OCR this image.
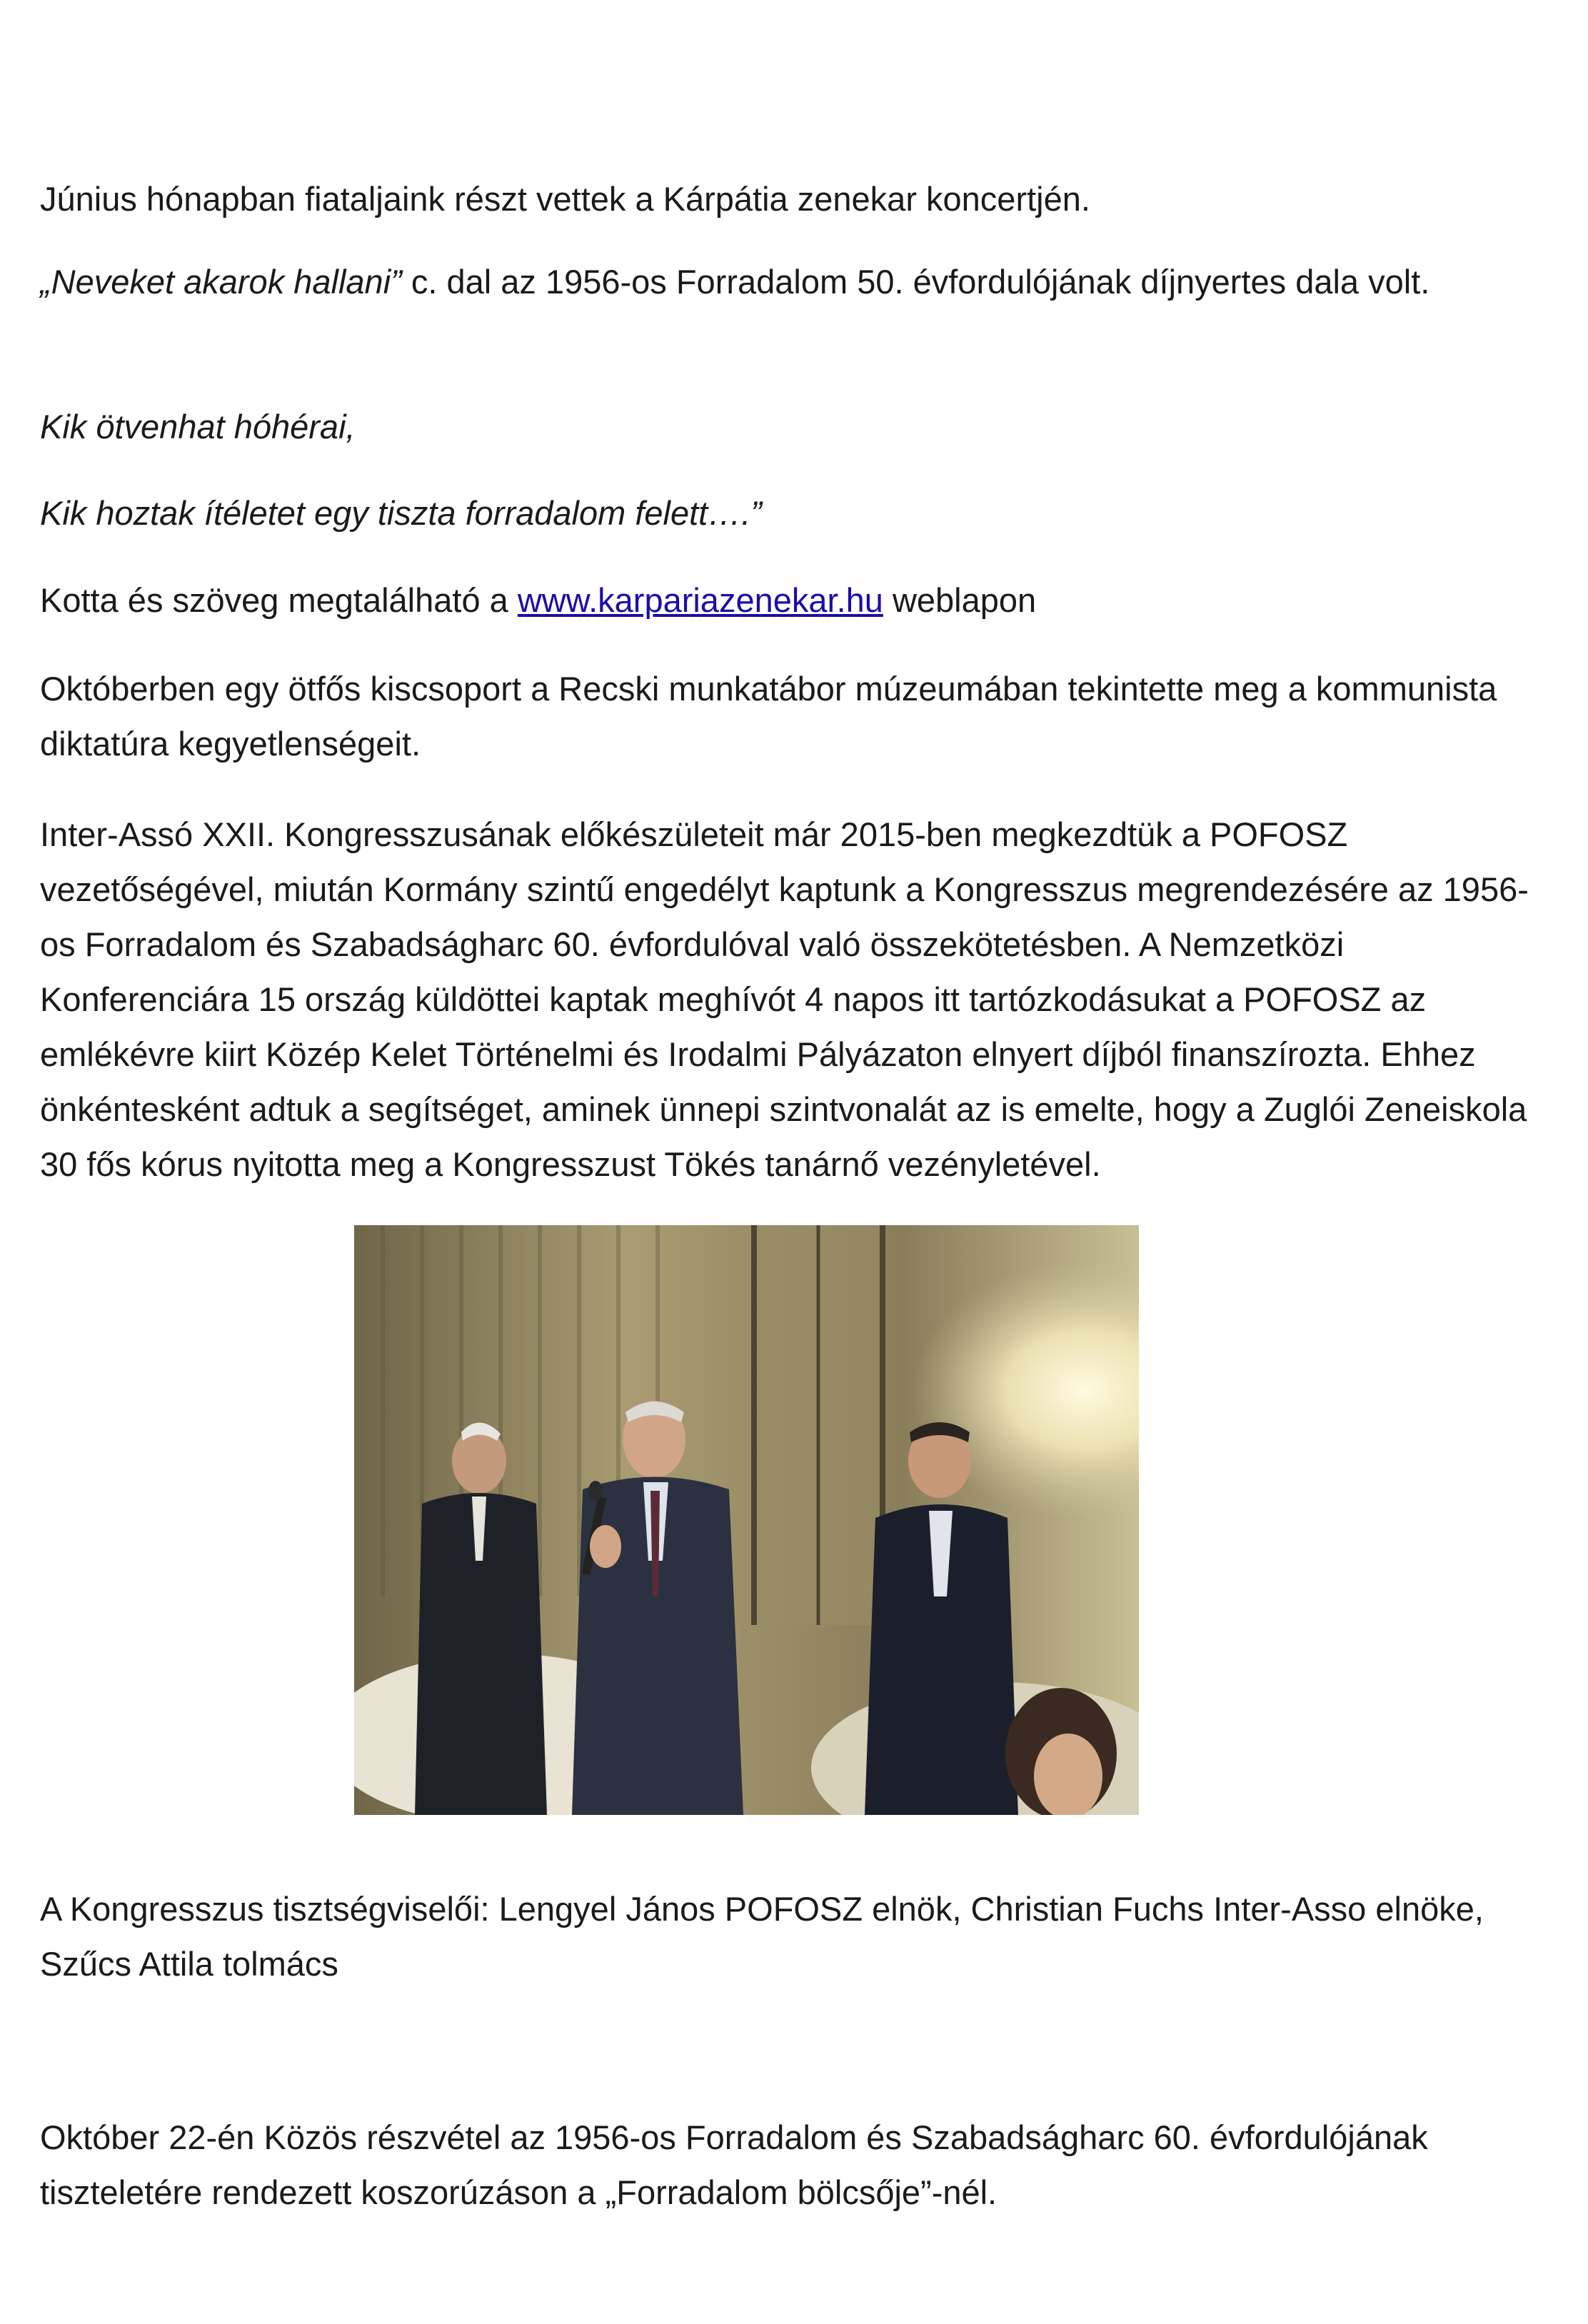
Június hónapban fiataljaink részt vettek a Kárpátia zenekar koncertjén.

„Neveket akarok hallani” c. dal az 1956-os Forradalom 50. évfordulójának díjnyertes dala volt.

Kik ötvenhat hóhérai,

Kik hoztak ítéletet egy tiszta forradalom felett….”

Kotta és szöveg megtalálható a www.karpariazenekar.hu weblapon

Októberben egy ötfős kiscsoport a Recski munkatábor múzeumában tekintette meg a kommunista diktatúra kegyetlenségeit.

Inter-Assó XXII. Kongresszusának előkészületeit már 2015-ben megkezdtük a POFOSZ vezetőségével, miután Kormány szintű engedélyt kaptunk a Kongresszus megrendezésére az 1956-os Forradalom és Szabadságharc 60. évfordulóval való összekötetésben. A Nemzetközi Konferenciára 15 ország küldöttei kaptak meghívót 4 napos itt tartózkodásukat a POFOSZ az emlékévre kiirt Közép Kelet Történelmi és Irodalmi Pályázaton elnyert díjból finanszírozta. Ehhez önkéntesként adtuk a segítséget, aminek ünnepi szintvonalát az is emelte, hogy a Zuglói Zeneiskola 30 fős kórus nyitotta meg a Kongresszust Tökés tanárnő vezényletével.

A Kongresszus tisztségviselői: Lengyel János POFOSZ elnök, Christian Fuchs Inter-Asso elnöke, Szűcs Attila tolmács

Október 22-én Közös részvétel az 1956-os Forradalom és Szabadságharc 60. évfordulójának tiszteletére rendezett koszorúzáson a „Forradalom bölcsője”-nél.
